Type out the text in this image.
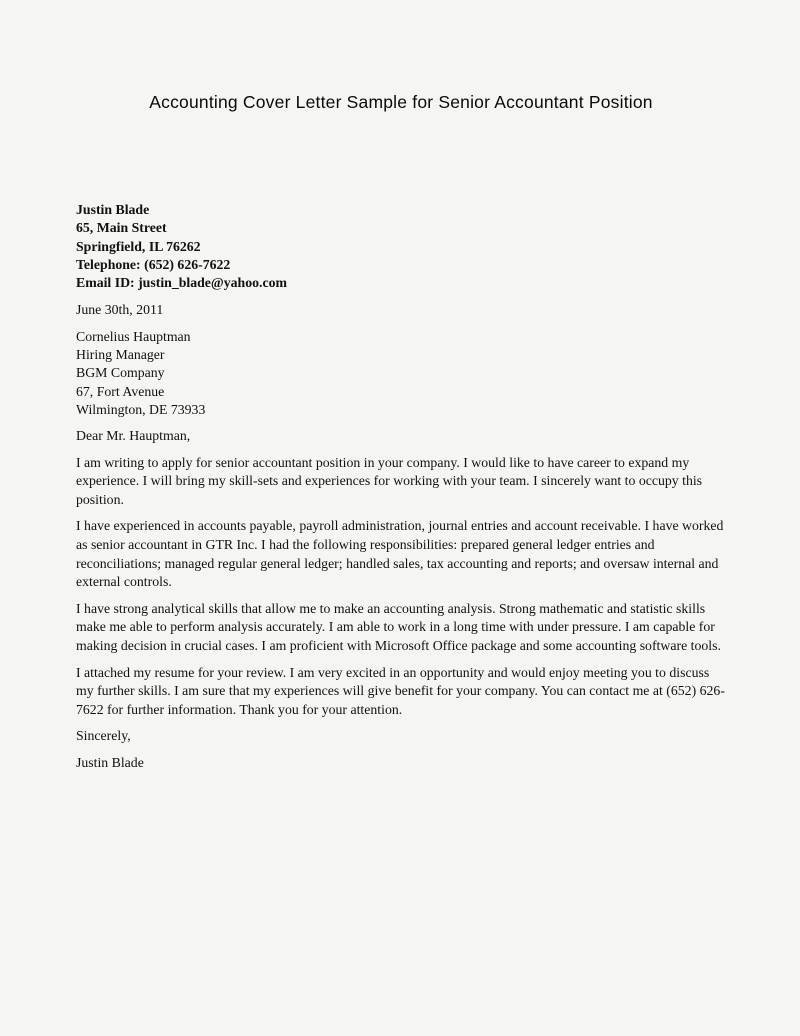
Accounting Cover Letter Sample for Senior Accountant Position
Justin Blade
65, Main Street
Springfield, IL 76262
Telephone: (652) 626-7622
Email ID: justin_blade@yahoo.com
June 30th, 2011
Cornelius Hauptman
Hiring Manager
BGM Company
67, Fort Avenue
Wilmington, DE 73933
Dear Mr. Hauptman,

I am writing to apply for senior accountant position in your company. I would like to have career to expand my experience. I will bring my skill-sets and experiences for working with your team. I sincerely want to occupy this position.

I have experienced in accounts payable, payroll administration, journal entries and account receivable. I have worked as senior accountant in GTR Inc. I had the following responsibilities: prepared general ledger entries and reconciliations; managed regular general ledger; handled sales, tax accounting and reports; and oversaw internal and external controls.

I have strong analytical skills that allow me to make an accounting analysis. Strong mathematic and statistic skills make me able to perform analysis accurately. I am able to work in a long time with under pressure. I am capable for making decision in crucial cases. I am proficient with Microsoft Office package and some accounting software tools.

I attached my resume for your review. I am very excited in an opportunity and would enjoy meeting you to discuss my further skills. I am sure that my experiences will give benefit for your company. You can contact me at (652) 626-7622 for further information. Thank you for your attention.

Sincerely,
Justin Blade
